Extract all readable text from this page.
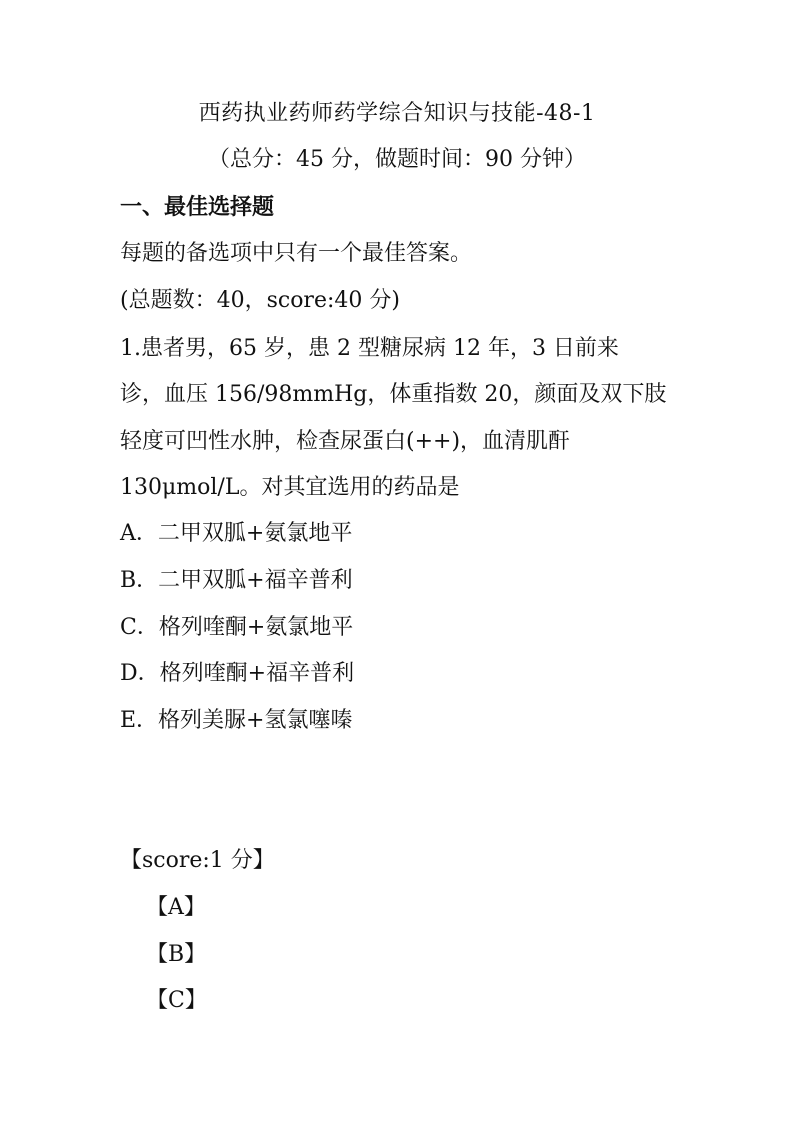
西药执业药师药学综合知识与技能-48-1
（总分：45 分，做题时间：90 分钟）
一、最佳选择题
每题的备选项中只有一个最佳答案。
(总题数：40，score:40 分)
1.患者男，65 岁，患 2 型糖尿病 12 年，3 日前来
诊，血压 156/98mmHg，体重指数 20，颜面及双下肢
轻度可凹性水肿，检查尿蛋白(++)，血清肌酐
130μmol/L。对其宜选用的药品是
A．二甲双胍+氨氯地平
B．二甲双胍+福辛普利
C．格列喹酮+氨氯地平
D．格列喹酮+福辛普利
E．格列美脲+氢氯噻嗪
【score:1 分】
【A】
【B】
【C】
